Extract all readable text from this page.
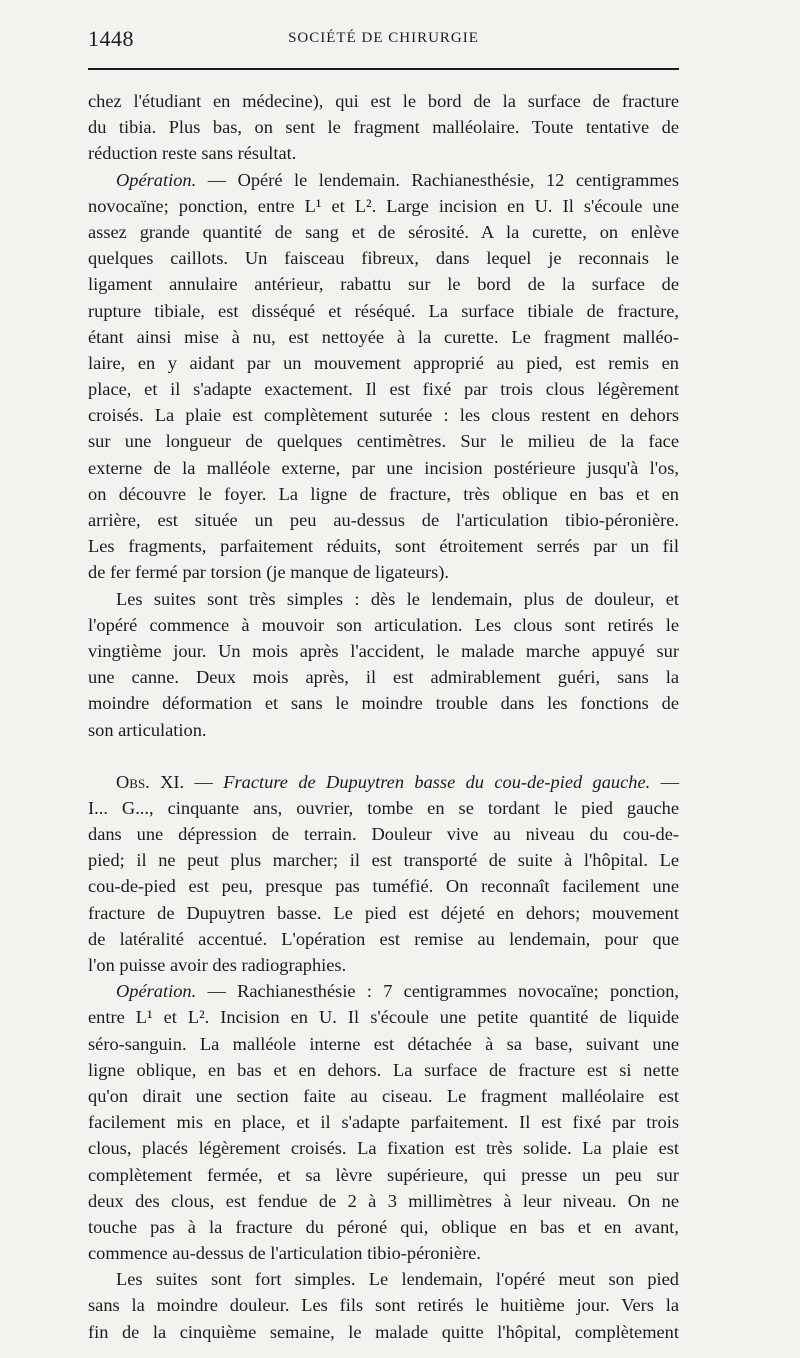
1448	SOCIÉTÉ DE CHIRURGIE
chez l'étudiant en médecine), qui est le bord de la surface de fracture
du tibia. Plus bas, on sent le fragment malléolaire. Toute tentative de
réduction reste sans résultat.
Opération. — Opéré le lendemain. Rachianesthésie, 12 centigrammes
novocaïne; ponction, entre L¹ et L². Large incision en U. Il s'écoule une
assez grande quantité de sang et de sérosité. A la curette, on enlève
quelques caillots. Un faisceau fibreux, dans lequel je reconnais le
ligament annulaire antérieur, rabattu sur le bord de la surface de
rupture tibiale, est disséqué et réséqué. La surface tibiale de fracture,
étant ainsi mise à nu, est nettoyée à la curette. Le fragment malléo-
laire, en y aidant par un mouvement approprié au pied, est remis en
place, et il s'adapte exactement. Il est fixé par trois clous légèrement
croisés. La plaie est complètement suturée : les clous restent en dehors
sur une longueur de quelques centimètres. Sur le milieu de la face
externe de la malléole externe, par une incision postérieure jusqu'à l'os,
on découvre le foyer. La ligne de fracture, très oblique en bas et en
arrière, est située un peu au-dessus de l'articulation tibio-péronière.
Les fragments, parfaitement réduits, sont étroitement serrés par un fil
de fer fermé par torsion (je manque de ligateurs).
Les suites sont très simples : dès le lendemain, plus de douleur, et
l'opéré commence à mouvoir son articulation. Les clous sont retirés le
vingtième jour. Un mois après l'accident, le malade marche appuyé sur
une canne. Deux mois après, il est admirablement guéri, sans la
moindre déformation et sans le moindre trouble dans les fonctions de
son articulation.
Obs. XI. — Fracture de Dupuytren basse du cou-de-pied gauche. —
I... G..., cinquante ans, ouvrier, tombe en se tordant le pied gauche
dans une dépression de terrain. Douleur vive au niveau du cou-de-
pied; il ne peut plus marcher; il est transporté de suite à l'hôpital. Le
cou-de-pied est peu, presque pas tuméfié. On reconnaît facilement une
fracture de Dupuytren basse. Le pied est déjeté en dehors; mouvement
de latéralité accentué. L'opération est remise au lendemain, pour que
l'on puisse avoir des radiographies.
Opération. — Rachianesthésie : 7 centigrammes novocaïne; ponction,
entre L¹ et L². Incision en U. Il s'écoule une petite quantité de liquide
séro-sanguin. La malléole interne est détachée à sa base, suivant une
ligne oblique, en bas et en dehors. La surface de fracture est si nette
qu'on dirait une section faite au ciseau. Le fragment malléolaire est
facilement mis en place, et il s'adapte parfaitement. Il est fixé par trois
clous, placés légèrement croisés. La fixation est très solide. La plaie est
complètement fermée, et sa lèvre supérieure, qui presse un peu sur
deux des clous, est fendue de 2 à 3 millimètres à leur niveau. On ne
touche pas à la fracture du péroné qui, oblique en bas et en avant,
commence au-dessus de l'articulation tibio-péronière.
Les suites sont fort simples. Le lendemain, l'opéré meut son pied
sans la moindre douleur. Les fils sont retirés le huitième jour. Vers la
fin de la cinquième semaine, le malade quitte l'hôpital, complètement
